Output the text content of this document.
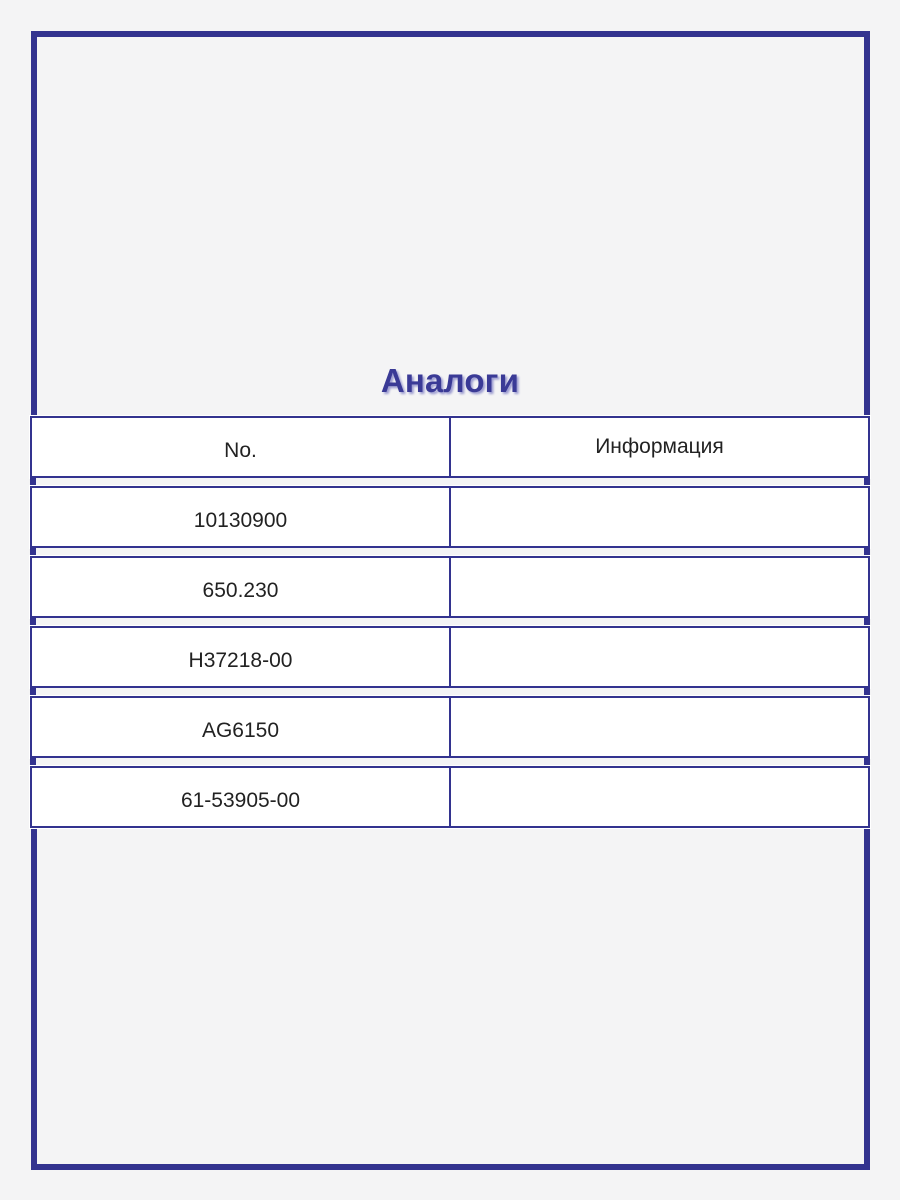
Аналоги
No.	Информация
10130900
650.230
H37218-00
AG6150
61-53905-00
